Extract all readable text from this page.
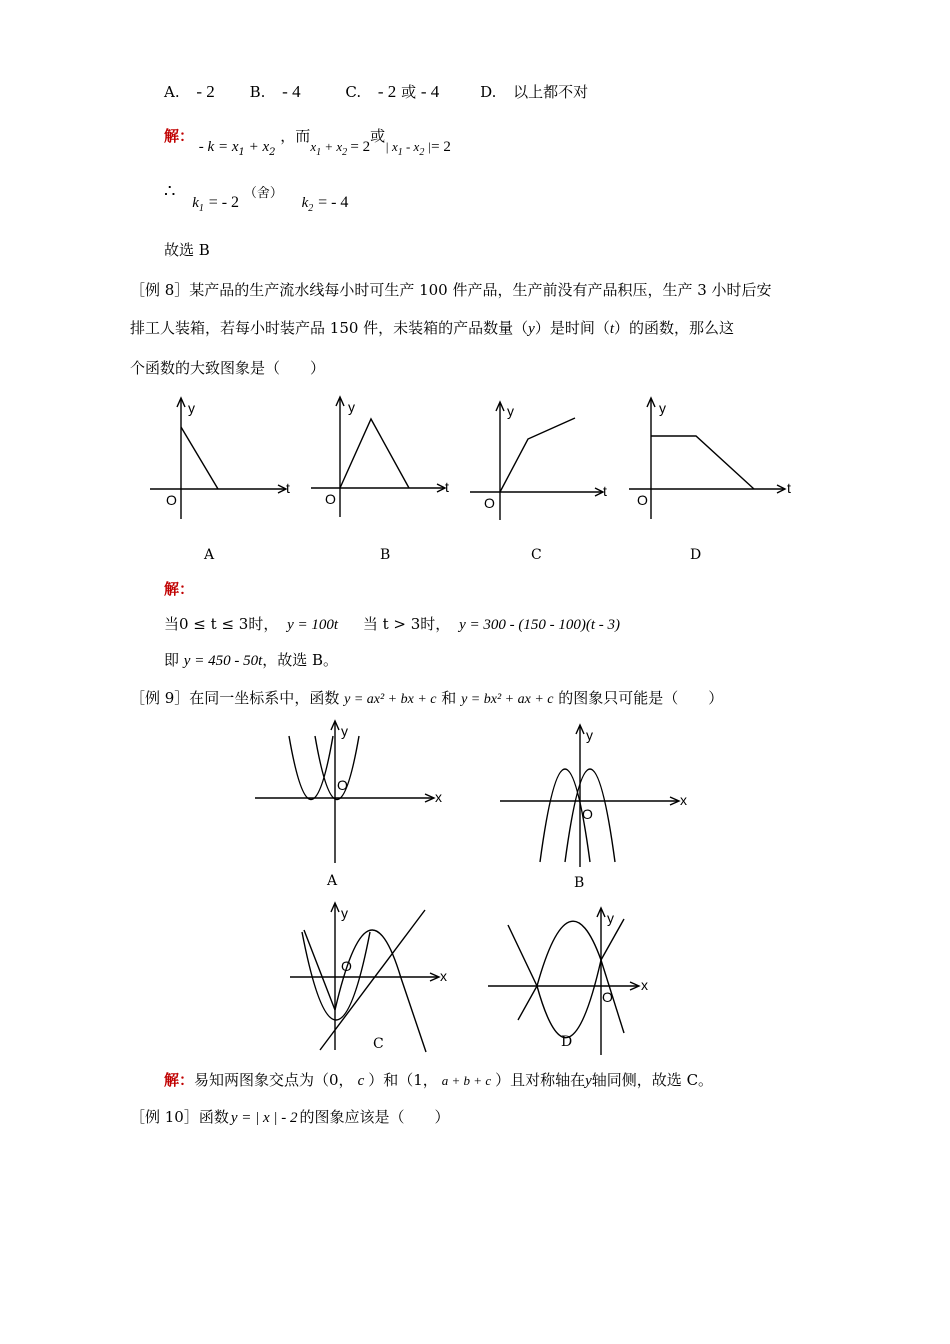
A. - 2 B. - 4	C. - 2 或 - 4	D. 以上都不对
解： - $k = x_1 + x_2$ ，而$x_1 + x_2 = 2$或| $x_1 - x_2$ |= 2
∴ $k_1$ = - 2 （舍） $k_2$ = - 4
故选 B
［例 8］某产品的生产流水线每小时可生产 100 件产品，生产前没有产品积压，生产 3 小时后安
排工人装箱，若每小时装产品 150 件，未装箱的产品数量（y）是时间（t）的函数，那么这
个函数的大致图象是（　　）
y
t
O
y
t
O
y
t
O
y
t
O
A	B	C	D
解：
当0 ≤ t ≤ 3时， y = 100t 当 t > 3时， y = 300 - (150 - 100)(t - 3)
即 y = 450 - 50t，故选 B。
［例 9］在同一坐标系中，函数 y = ax² + bx + c 和 y = bx² + ax + c 的图象只可能是（　　）
x
y
O
x
y
O
A	B
x
y
O
x
y
O
C	D
解：易知两图象交点为（0， c ）和（1， a + b + c ）且对称轴在y轴同侧，故选 C。
［例 10］函数 y = | x | - 2 的图象应该是（　　）
